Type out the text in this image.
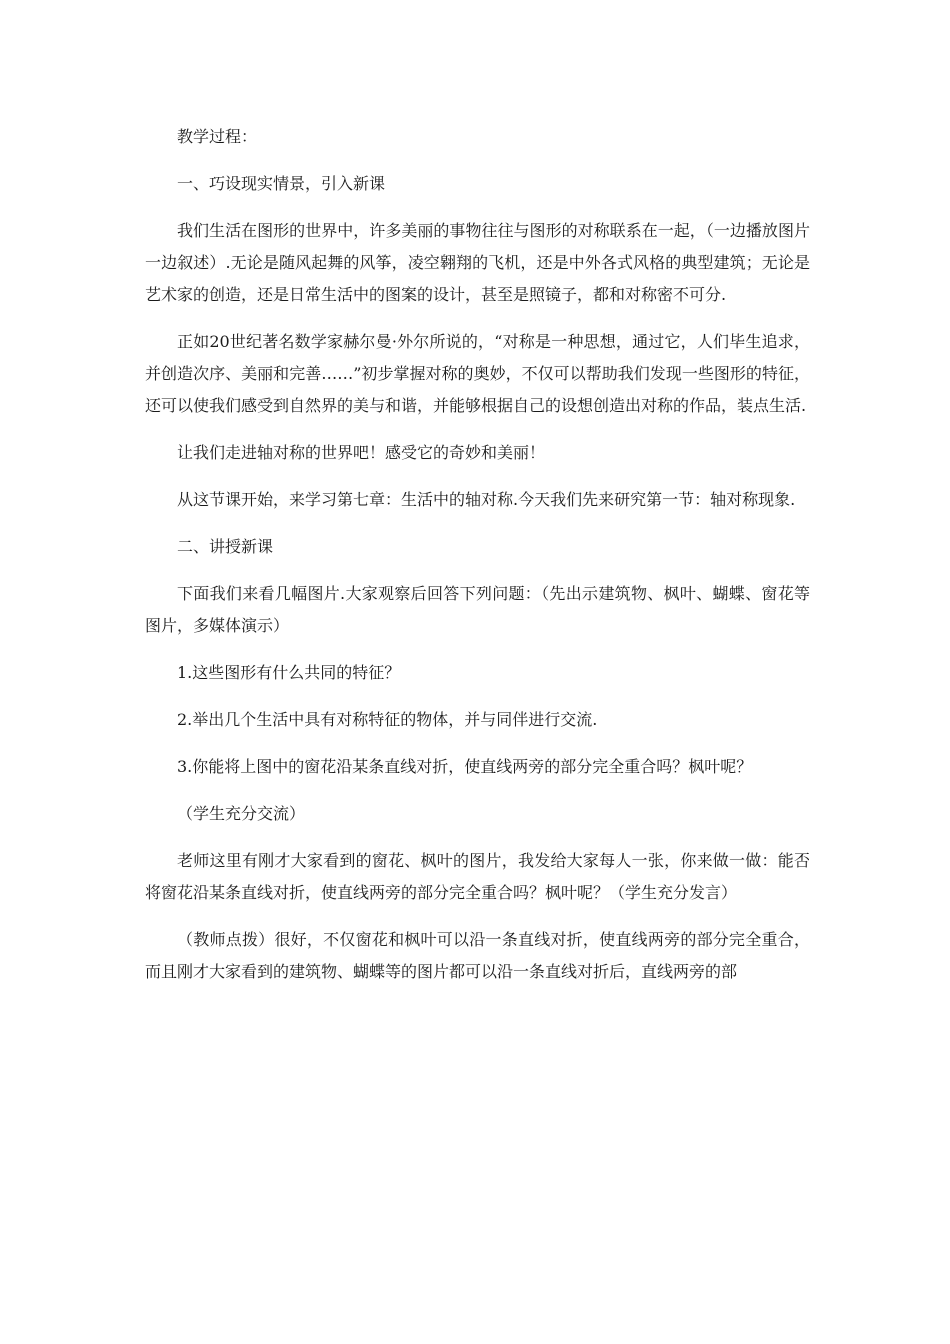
教学过程：

一、巧设现实情景，引入新课

我们生活在图形的世界中，许多美丽的事物往往与图形的对称联系在一起，（一边播放图片一边叙述）.无论是随风起舞的风筝，凌空翱翔的飞机，还是中外各式风格的典型建筑；无论是艺术家的创造，还是日常生活中的图案的设计，甚至是照镜子，都和对称密不可分.

正如20世纪著名数学家赫尔曼·外尔所说的，“对称是一种思想，通过它，人们毕生追求，并创造次序、美丽和完善……”初步掌握对称的奥妙，不仅可以帮助我们发现一些图形的特征，还可以使我们感受到自然界的美与和谐，并能够根据自己的设想创造出对称的作品，装点生活.

让我们走进轴对称的世界吧！感受它的奇妙和美丽！

从这节课开始，来学习第七章：生活中的轴对称.今天我们先来研究第一节：轴对称现象.

二、讲授新课

下面我们来看几幅图片.大家观察后回答下列问题：（先出示建筑物、枫叶、蝴蝶、窗花等图片，多媒体演示）

1.这些图形有什么共同的特征？

2.举出几个生活中具有对称特征的物体，并与同伴进行交流.

3.你能将上图中的窗花沿某条直线对折，使直线两旁的部分完全重合吗？枫叶呢？

（学生充分交流）

老师这里有刚才大家看到的窗花、枫叶的图片，我发给大家每人一张，你来做一做：能否将窗花沿某条直线对折，使直线两旁的部分完全重合吗？枫叶呢？（学生充分发言）

（教师点拨）很好，不仅窗花和枫叶可以沿一条直线对折，使直线两旁的部分完全重合，而且刚才大家看到的建筑物、蝴蝶等的图片都可以沿一条直线对折后，直线两旁的部
